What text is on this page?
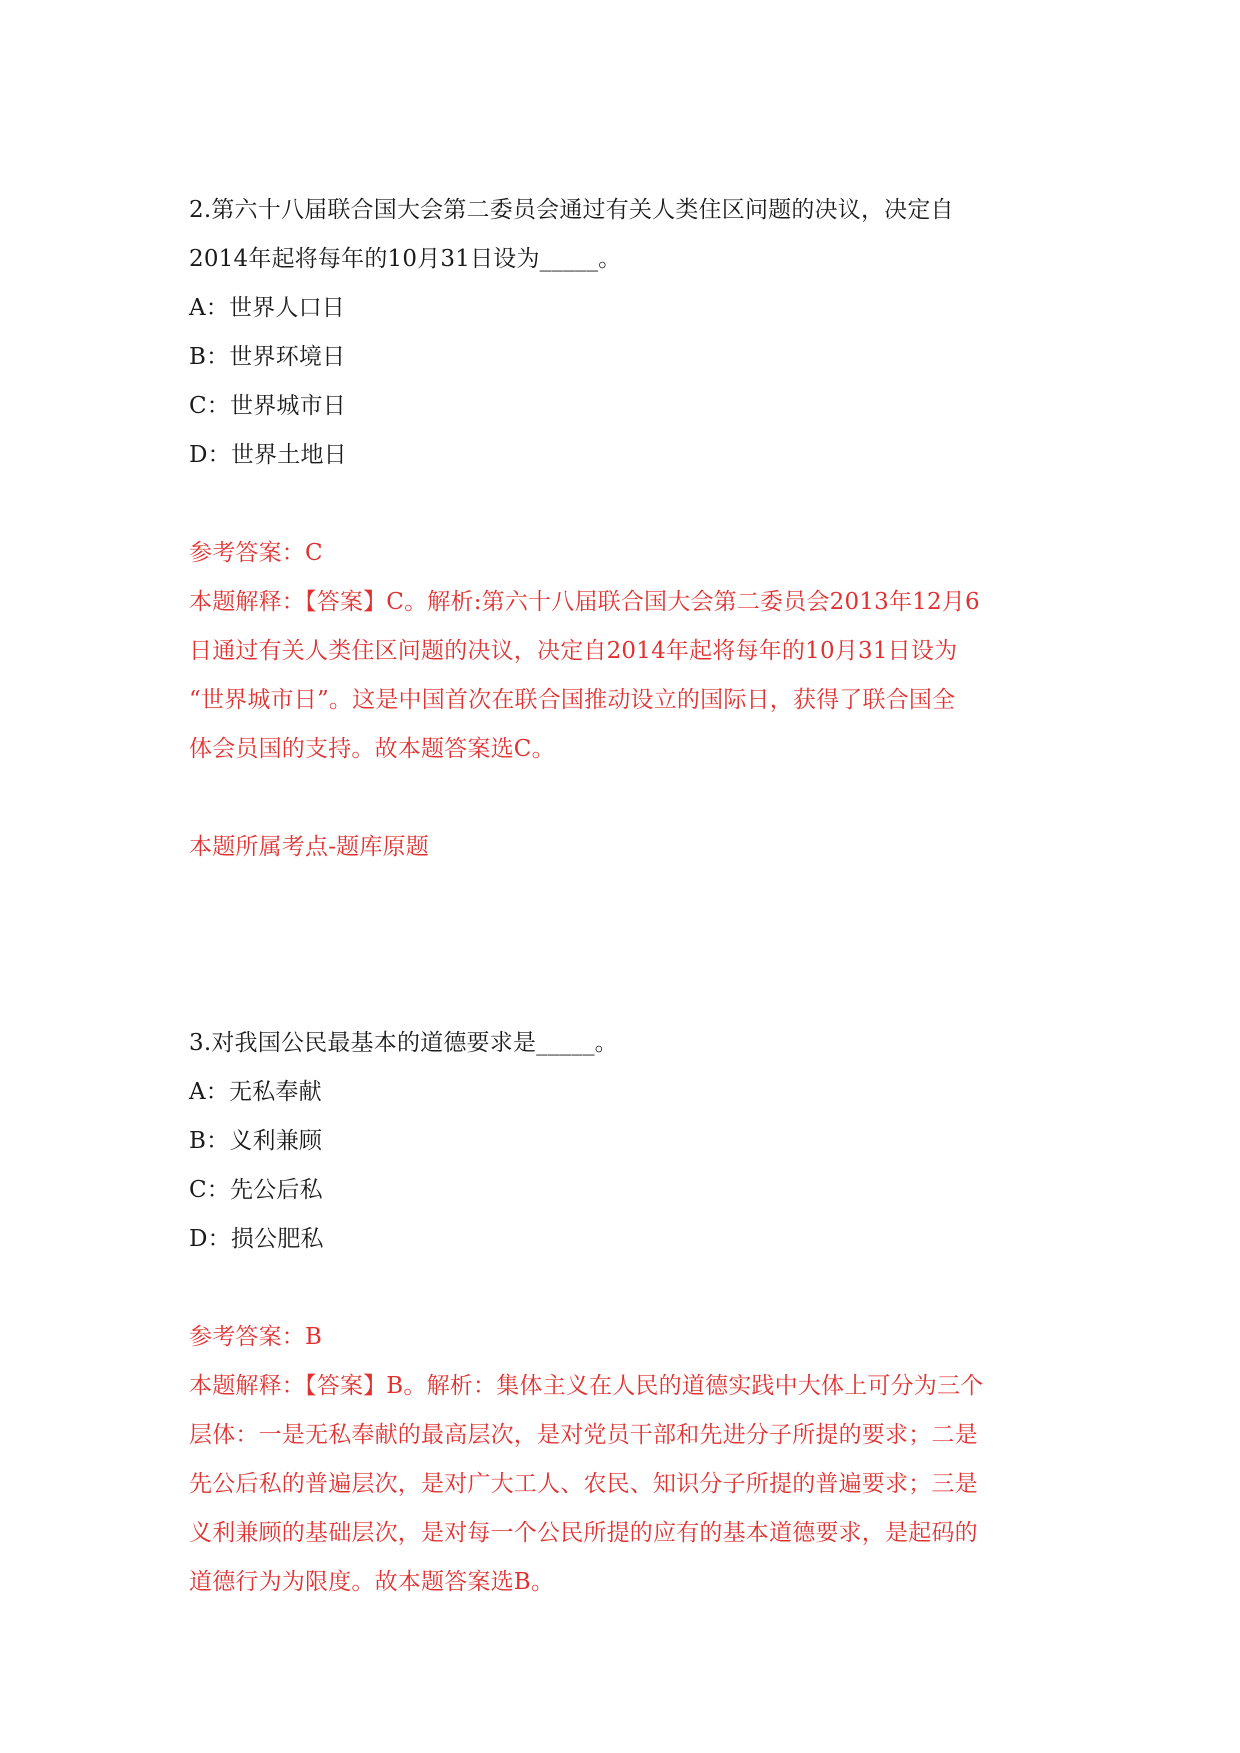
2.第六十八届联合国大会第二委员会通过有关人类住区问题的决议，决定自
2014年起将每年的10月31日设为_____。
A：世界人口日
B：世界环境日
C：世界城市日
D：世界土地日
参考答案：C
本题解释：【答案】C。解析:第六十八届联合国大会第二委员会2013年12月6
日通过有关人类住区问题的决议，决定自2014年起将每年的10月31日设为
“世界城市日”。这是中国首次在联合国推动设立的国际日，获得了联合国全
体会员国的支持。故本题答案选C。
本题所属考点-题库原题
3.对我国公民最基本的道德要求是_____。
A：无私奉献
B：义利兼顾
C：先公后私
D：损公肥私
参考答案：B
本题解释：【答案】B。解析：集体主义在人民的道德实践中大体上可分为三个
层体：一是无私奉献的最高层次，是对党员干部和先进分子所提的要求；二是
先公后私的普遍层次，是对广大工人、农民、知识分子所提的普遍要求；三是
义利兼顾的基础层次，是对每一个公民所提的应有的基本道德要求，是起码的
道德行为为限度。故本题答案选B。
